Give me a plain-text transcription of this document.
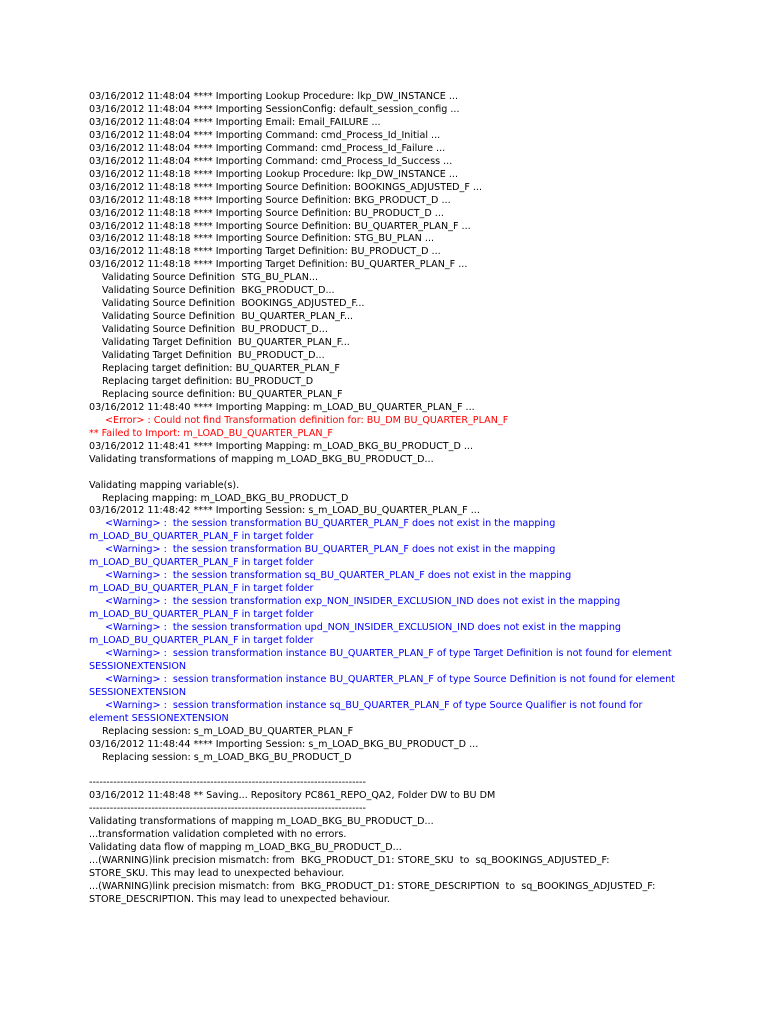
03/16/2012 11:48:04 **** Importing Lookup Procedure: lkp_DW_INSTANCE ...
03/16/2012 11:48:04 **** Importing SessionConfig: default_session_config ...
03/16/2012 11:48:04 **** Importing Email: Email_FAILURE ...
03/16/2012 11:48:04 **** Importing Command: cmd_Process_Id_Initial ...
03/16/2012 11:48:04 **** Importing Command: cmd_Process_Id_Failure ...
03/16/2012 11:48:04 **** Importing Command: cmd_Process_Id_Success ...
03/16/2012 11:48:18 **** Importing Lookup Procedure: lkp_DW_INSTANCE ...
03/16/2012 11:48:18 **** Importing Source Definition: BOOKINGS_ADJUSTED_F ...
03/16/2012 11:48:18 **** Importing Source Definition: BKG_PRODUCT_D ...
03/16/2012 11:48:18 **** Importing Source Definition: BU_PRODUCT_D ...
03/16/2012 11:48:18 **** Importing Source Definition: BU_QUARTER_PLAN_F ...
03/16/2012 11:48:18 **** Importing Source Definition: STG_BU_PLAN ...
03/16/2012 11:48:18 **** Importing Target Definition: BU_PRODUCT_D ...
03/16/2012 11:48:18 **** Importing Target Definition: BU_QUARTER_PLAN_F ...
Validating Source Definition  STG_BU_PLAN...
Validating Source Definition  BKG_PRODUCT_D...
Validating Source Definition  BOOKINGS_ADJUSTED_F...
Validating Source Definition  BU_QUARTER_PLAN_F...
Validating Source Definition  BU_PRODUCT_D...
Validating Target Definition  BU_QUARTER_PLAN_F...
Validating Target Definition  BU_PRODUCT_D...
Replacing target definition: BU_QUARTER_PLAN_F
Replacing target definition: BU_PRODUCT_D
Replacing source definition: BU_QUARTER_PLAN_F
03/16/2012 11:48:40 **** Importing Mapping: m_LOAD_BU_QUARTER_PLAN_F ...
<Error> : Could not find Transformation definition for: BU_DM BU_QUARTER_PLAN_F
** Failed to Import: m_LOAD_BU_QUARTER_PLAN_F
03/16/2012 11:48:41 **** Importing Mapping: m_LOAD_BKG_BU_PRODUCT_D ...
Validating transformations of mapping m_LOAD_BKG_BU_PRODUCT_D...
Validating mapping variable(s).
Replacing mapping: m_LOAD_BKG_BU_PRODUCT_D
03/16/2012 11:48:42 **** Importing Session: s_m_LOAD_BU_QUARTER_PLAN_F ...
<Warning> :  the session transformation BU_QUARTER_PLAN_F does not exist in the mapping
m_LOAD_BU_QUARTER_PLAN_F in target folder
<Warning> :  the session transformation BU_QUARTER_PLAN_F does not exist in the mapping
m_LOAD_BU_QUARTER_PLAN_F in target folder
<Warning> :  the session transformation sq_BU_QUARTER_PLAN_F does not exist in the mapping
m_LOAD_BU_QUARTER_PLAN_F in target folder
<Warning> :  the session transformation exp_NON_INSIDER_EXCLUSION_IND does not exist in the mapping
m_LOAD_BU_QUARTER_PLAN_F in target folder
<Warning> :  the session transformation upd_NON_INSIDER_EXCLUSION_IND does not exist in the mapping
m_LOAD_BU_QUARTER_PLAN_F in target folder
<Warning> :  session transformation instance BU_QUARTER_PLAN_F of type Target Definition is not found for element
SESSIONEXTENSION
<Warning> :  session transformation instance BU_QUARTER_PLAN_F of type Source Definition is not found for element
SESSIONEXTENSION
<Warning> :  session transformation instance sq_BU_QUARTER_PLAN_F of type Source Qualifier is not found for
element SESSIONEXTENSION
Replacing session: s_m_LOAD_BU_QUARTER_PLAN_F
03/16/2012 11:48:44 **** Importing Session: s_m_LOAD_BKG_BU_PRODUCT_D ...
Replacing session: s_m_LOAD_BKG_BU_PRODUCT_D
--------------------------------------------------------------------------------
03/16/2012 11:48:48 ** Saving... Repository PC861_REPO_QA2, Folder DW to BU DM
--------------------------------------------------------------------------------
Validating transformations of mapping m_LOAD_BKG_BU_PRODUCT_D...
...transformation validation completed with no errors.
Validating data flow of mapping m_LOAD_BKG_BU_PRODUCT_D...
...(WARNING)link precision mismatch: from  BKG_PRODUCT_D1: STORE_SKU  to  sq_BOOKINGS_ADJUSTED_F:
STORE_SKU. This may lead to unexpected behaviour.
...(WARNING)link precision mismatch: from  BKG_PRODUCT_D1: STORE_DESCRIPTION  to  sq_BOOKINGS_ADJUSTED_F:
STORE_DESCRIPTION. This may lead to unexpected behaviour.
